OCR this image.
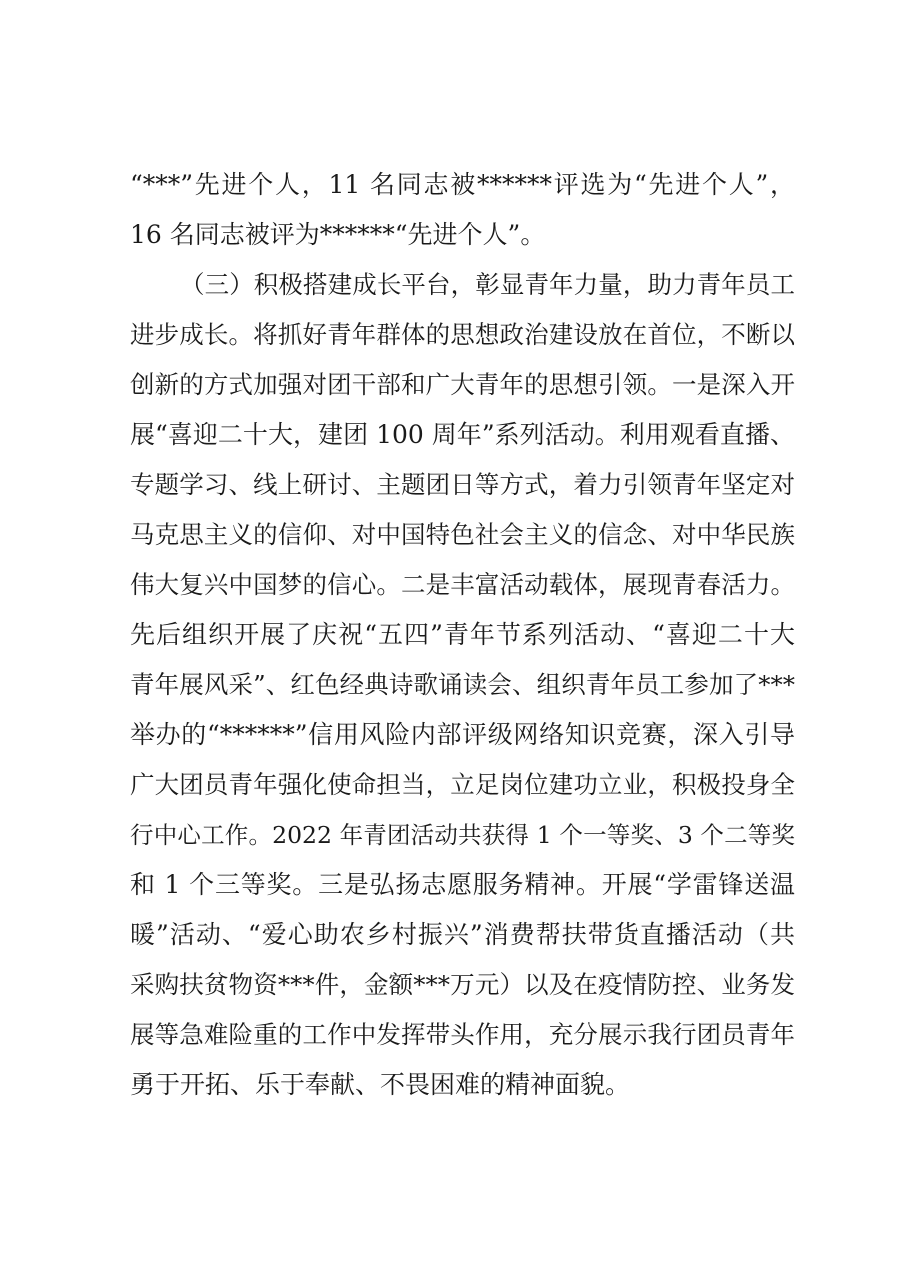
“***”先进个人，11 名同志被******评选为“先进个人”，
16 名同志被评为******“先进个人”。
（三）积极搭建成长平台，彰显青年力量，助力青年员工
进步成长。将抓好青年群体的思想政治建设放在首位，不断以
创新的方式加强对团干部和广大青年的思想引领。一是深入开
展“喜迎二十大，建团 100 周年”系列活动。利用观看直播、
专题学习、线上研讨、主题团日等方式，着力引领青年坚定对
马克思主义的信仰、对中国特色社会主义的信念、对中华民族
伟大复兴中国梦的信心。二是丰富活动载体，展现青春活力。
先后组织开展了庆祝“五四”青年节系列活动、“喜迎二十大
青年展风采”、红色经典诗歌诵读会、组织青年员工参加了***
举办的“******”信用风险内部评级网络知识竞赛，深入引导
广大团员青年强化使命担当，立足岗位建功立业，积极投身全
行中心工作。2022 年青团活动共获得 1 个一等奖、3 个二等奖
和 1 个三等奖。三是弘扬志愿服务精神。开展“学雷锋送温
暖”活动、“爱心助农乡村振兴”消费帮扶带货直播活动（共
采购扶贫物资***件，金额***万元）以及在疫情防控、业务发
展等急难险重的工作中发挥带头作用，充分展示我行团员青年
勇于开拓、乐于奉献、不畏困难的精神面貌。
